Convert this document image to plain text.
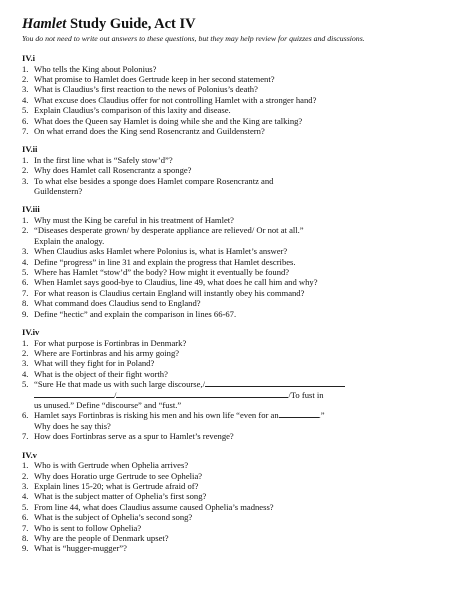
Hamlet Study Guide, Act IV

You do not need to write out answers to these questions, but they may help review for quizzes and discussions.

IV.i
1. Who tells the King about Polonius?
2. What promise to Hamlet does Gertrude keep in her second statement?
3. What is Claudius’s first reaction to the news of Polonius’s death?
4. What excuse does Claudius offer for not controlling Hamlet with a stronger hand?
5. Explain Claudius’s comparison of this laxity and disease.
6. What does the Queen say Hamlet is doing while she and the King are talking?
7. On what errand does the King send Rosencrantz and Guildenstern?
IV.ii
1. In the first line what is “Safely stow’d”?
2. Why does Hamlet call Rosencrantz a sponge?
3. To what else besides a sponge does Hamlet compare Rosencrantz and
Guildenstern?
IV.iii
1. Why must the King be careful in his treatment of Hamlet?
2. “Diseases desperate grown/ by desperate appliance are relieved/ Or not at all.”
Explain the analogy.
3. When Claudius asks Hamlet where Polonius is, what is Hamlet’s answer?
4. Define “progress” in line 31 and explain the progress that Hamlet describes.
5. Where has Hamlet “stow’d” the body? How might it eventually be found?
6. When Hamlet says good-bye to Claudius, line 49, what does he call him and why?
7. For what reason is Claudius certain England will instantly obey his command?
8. What command does Claudius send to England?
9. Define “hectic” and explain the comparison in lines 66-67.
IV.iv
1. For what purpose is Fortinbras in Denmark?
2. Where are Fortinbras and his army going?
3. What will they fight for in Poland?
4. What is the object of their fight worth?
5. “Sure He that made us with such large discourse,/
/	/To fust in
us unused.” Define “discourse” and “fust.”
6. Hamlet says Fortinbras is risking his men and his own life “even for an	.”
Why does he say this?
7. How does Fortinbras serve as a spur to Hamlet’s revenge?
IV.v
1. Who is with Gertrude when Ophelia arrives?
2. Why does Horatio urge Gertrude to see Ophelia?
3. Explain lines 15-20; what is Gertrude afraid of?
4. What is the subject matter of Ophelia’s first song?
5. From line 44, what does Claudius assume caused Ophelia’s madness?
6. What is the subject of Ophelia’s second song?
7. Who is sent to follow Ophelia?
8. Why are the people of Denmark upset?
9. What is “hugger-mugger”?
